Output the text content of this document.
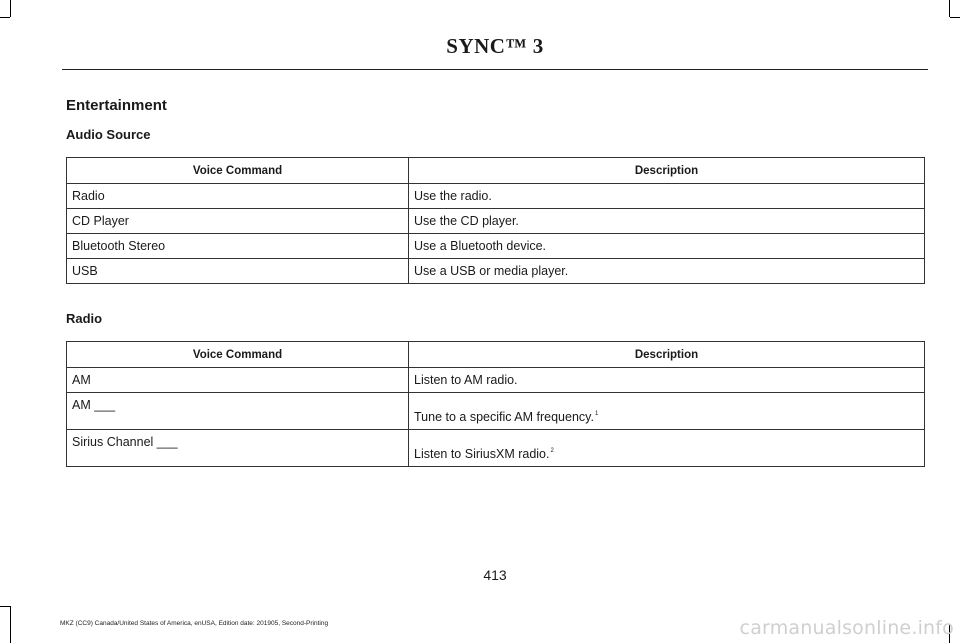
SYNC™ 3
Entertainment
Audio Source
Voice Command	Description
Radio	Use the radio.
CD Player	Use the CD player.
Bluetooth Stereo	Use a Bluetooth device.
USB	Use a USB or media player.
Radio
Voice Command	Description
AM	Listen to AM radio.
AM ___	Tune to a specific AM frequency.$^1$
Sirius Channel ___	Listen to SiriusXM radio.$^2$
413
MKZ (CC9) Canada/United States of America, enUSA, Edition date: 201905, Second-Printing	carmanualsonline.info
